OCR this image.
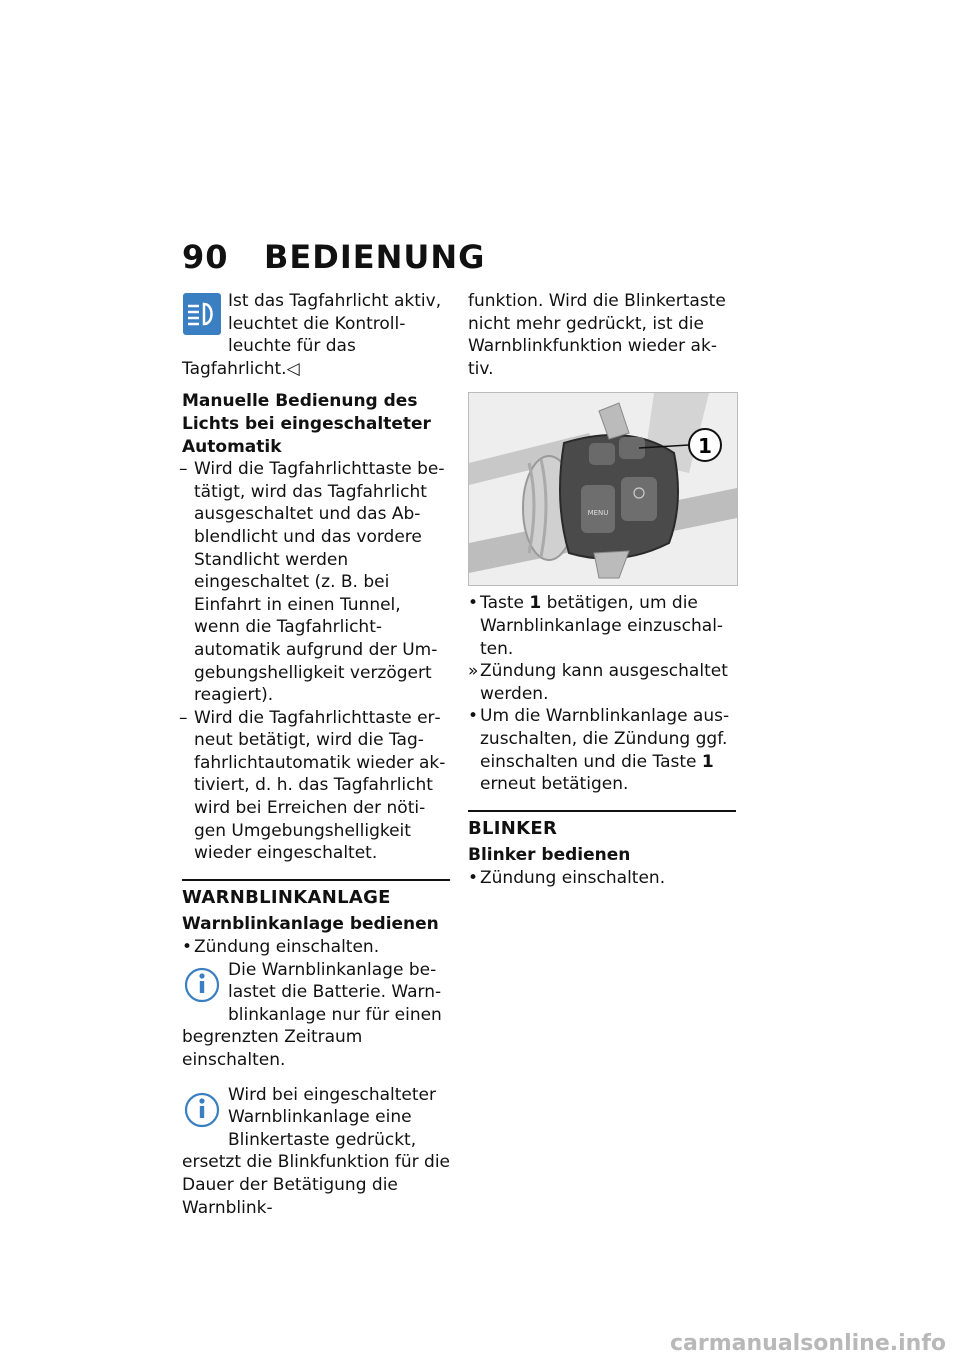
90 BEDIENUNG

Ist das Tagfahrlicht aktiv, leuchtet die Kontrollleuchte für das Tagfahrlicht.◁

Manuelle Bedienung des Lichts bei eingeschalteter Automatik

– Wird die Tagfahrlichttaste betätigt, wird das Tagfahrlicht ausgeschaltet und das Abblendlicht und das vordere Standlicht werden eingeschaltet (z. B. bei Einfahrt in einen Tunnel, wenn die Tagfahrlichtautomatik aufgrund der Umgebungshelligkeit verzögert reagiert).

– Wird die Tagfahrlichttaste erneut betätigt, wird die Tagfahrlichtautomatik wieder aktiviert, d. h. das Tagfahrlicht wird bei Erreichen der nötigen Umgebungshelligkeit wieder eingeschaltet.

WARNBLINKANLAGE

Warnblinkanlage bedienen

• Zündung einschalten.

Die Warnblinkanlage belastet die Batterie. Warnblinkanlage nur für einen begrenzten Zeitraum einschalten.

Wird bei eingeschalteter Warnblinkanlage eine Blinkertaste gedrückt, ersetzt die Blinkfunktion für die Dauer der Betätigung die Warnblink-

funktion. Wird die Blinkertaste nicht mehr gedrückt, ist die Warnblinkfunktion wieder aktiv.

MENU
1
• Taste 1 betätigen, um die Warnblinkanlage einzuschalten.

» Zündung kann ausgeschaltet werden.

• Um die Warnblinkanlage auszuschalten, die Zündung ggf. einschalten und die Taste 1 erneut betätigen.

BLINKER

Blinker bedienen

• Zündung einschalten.

carmanualsonline.info
